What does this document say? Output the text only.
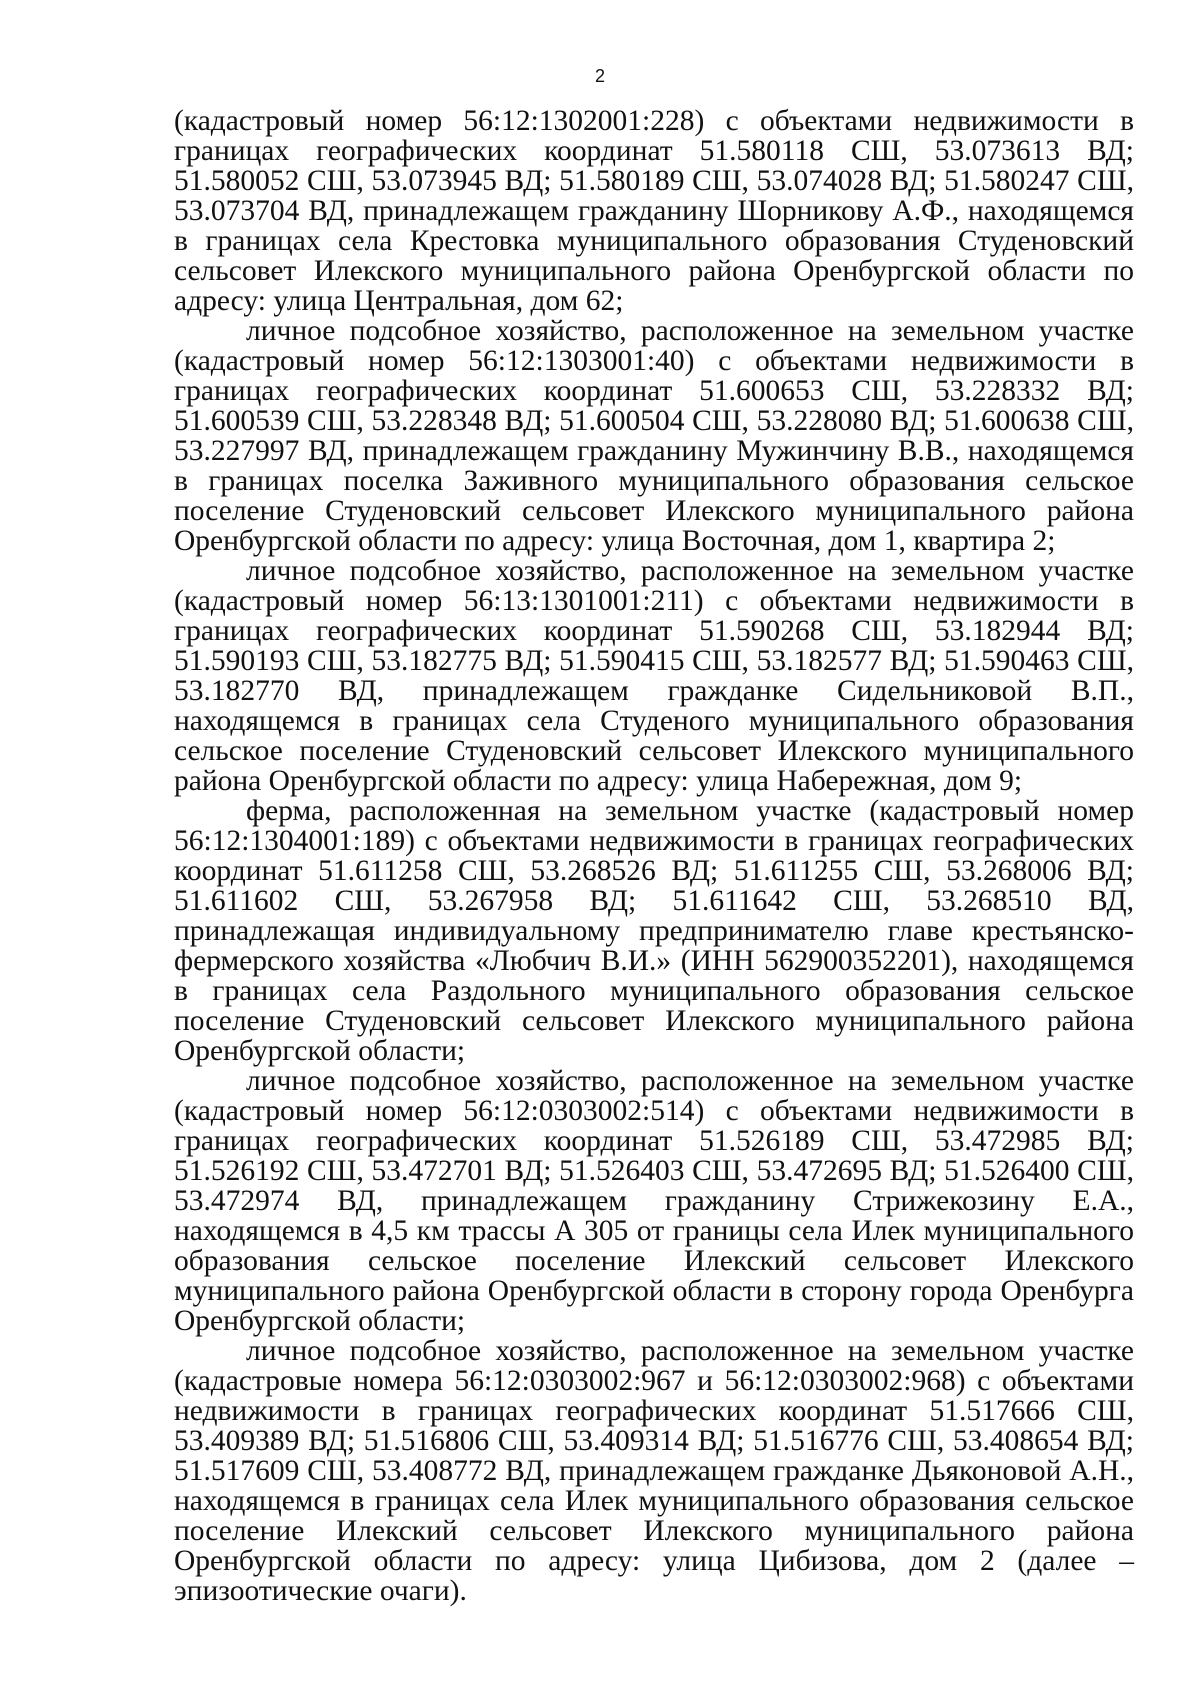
2

(кадастровый номер 56:12:1302001:228) с объектами недвижимости в границах географических координат 51.580118 СШ, 53.073613 ВД; 51.580052 СШ, 53.073945 ВД; 51.580189 СШ, 53.074028 ВД; 51.580247 СШ, 53.073704 ВД, принадлежащем гражданину Шорникову А.Ф., находящемся в границах села Крестовка муниципального образования Студеновский сельсовет Илекского муниципального района Оренбургской области по адресу: улица Центральная, дом 62;

личное подсобное хозяйство, расположенное на земельном участке (кадастровый номер 56:12:1303001:40) с объектами недвижимости в границах географических координат 51.600653 СШ, 53.228332 ВД; 51.600539 СШ, 53.228348 ВД; 51.600504 СШ, 53.228080 ВД; 51.600638 СШ, 53.227997 ВД, принадлежащем гражданину Мужинчину В.В., находящемся в границах поселка Заживного муниципального образования сельское поселение Студеновский сельсовет Илекского муниципального района Оренбургской области по адресу: улица Восточная, дом 1, квартира 2;

личное подсобное хозяйство, расположенное на земельном участке (кадастровый номер 56:13:1301001:211) с объектами недвижимости в границах географических координат 51.590268 СШ, 53.182944 ВД; 51.590193 СШ, 53.182775 ВД; 51.590415 СШ, 53.182577 ВД; 51.590463 СШ, 53.182770 ВД, принадлежащем гражданке Сидельниковой В.П., находящемся в границах села Студеного муниципального образования сельское поселение Студеновский сельсовет Илекского муниципального района Оренбургской области по адресу: улица Набережная, дом 9;

ферма, расположенная на земельном участке (кадастровый номер 56:12:1304001:189) с объектами недвижимости в границах географических координат 51.611258 СШ, 53.268526 ВД; 51.611255 СШ, 53.268006 ВД; 51.611602 СШ, 53.267958 ВД; 51.611642 СШ, 53.268510 ВД, принадлежащая индивидуальному предпринимателю главе крестьянско-фермерского хозяйства «Любчич В.И.» (ИНН 562900352201), находящемся в границах села Раздольного муниципального образования сельское поселение Студеновский сельсовет Илекского муниципального района Оренбургской области;

личное подсобное хозяйство, расположенное на земельном участке (кадастровый номер 56:12:0303002:514) с объектами недвижимости в границах географических координат 51.526189 СШ, 53.472985 ВД; 51.526192 СШ, 53.472701 ВД; 51.526403 СШ, 53.472695 ВД; 51.526400 СШ, 53.472974 ВД, принадлежащем гражданину Стрижекозину Е.А., находящемся в 4,5 км трассы А 305 от границы села Илек муниципального образования сельское поселение Илекский сельсовет Илекского муниципального района Оренбургской области в сторону города Оренбурга Оренбургской области;

личное подсобное хозяйство, расположенное на земельном участке (кадастровые номера 56:12:0303002:967 и 56:12:0303002:968) с объектами недвижимости в границах географических координат 51.517666 СШ, 53.409389 ВД; 51.516806 СШ, 53.409314 ВД; 51.516776 СШ, 53.408654 ВД; 51.517609 СШ, 53.408772 ВД, принадлежащем гражданке Дьяконовой А.Н., находящемся в границах села Илек муниципального образования сельское поселение Илекский сельсовет Илекского муниципального района Оренбургской области по адресу: улица Цибизова, дом 2 (далее – эпизоотические очаги).
